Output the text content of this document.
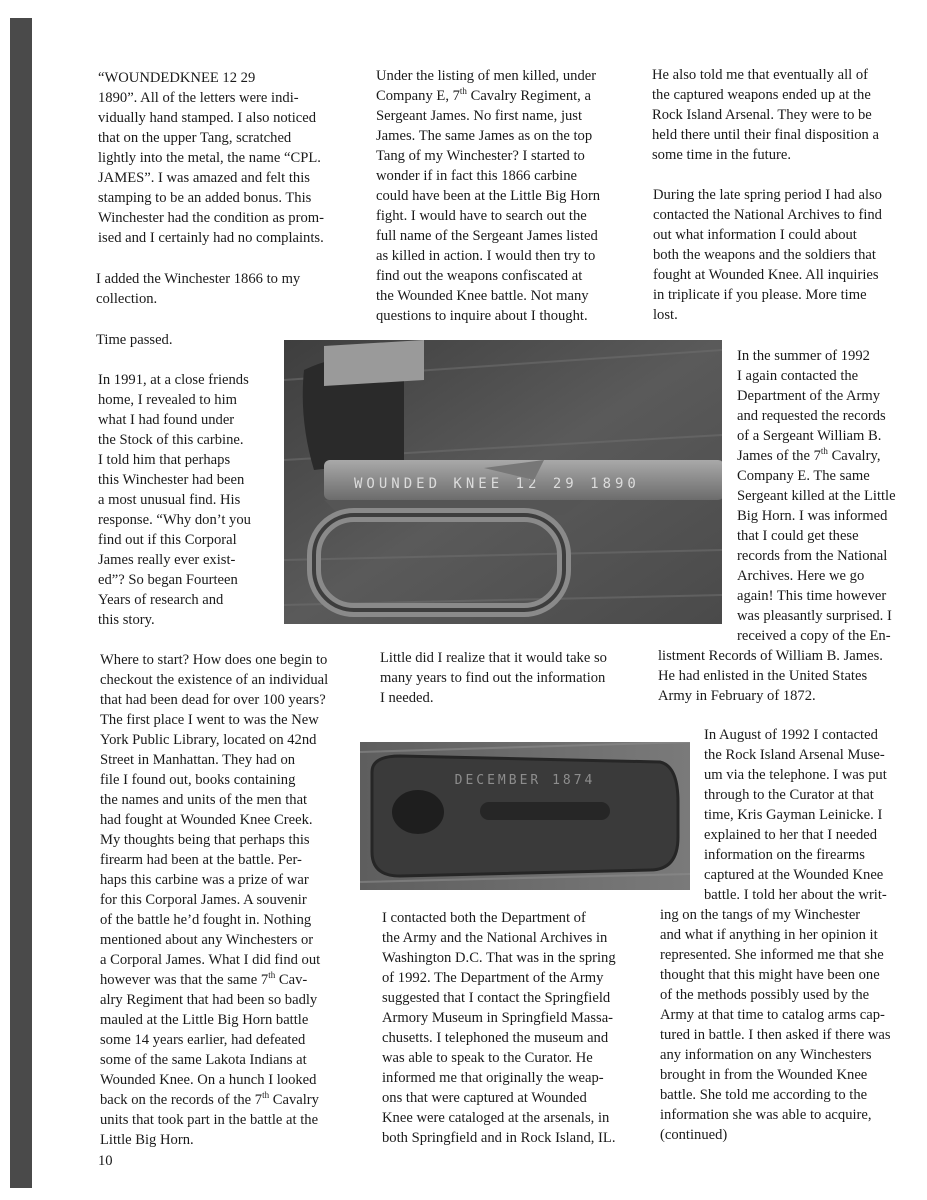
“WOUNDEDKNEE 12 29
1890”. All of the letters were indi-
vidually hand stamped. I also noticed
that on the upper Tang, scratched
lightly into the metal, the name “CPL.
JAMES”. I was amazed and felt this
stamping to be an added bonus. This
Winchester had the condition as prom-
ised and I certainly had no complaints.
I added the Winchester 1866 to my
collection.
Time passed.
In 1991, at a close friends
home, I revealed to him
what I had found under
the Stock of this carbine.
I told him that perhaps
this Winchester had been
a most unusual find. His
response. “Why don’t you
find out if this Corporal
James really ever exist-
ed”? So began Fourteen
Years of research and
this story.
Where to start? How does one begin to
checkout the existence of an individual
that had been dead for over 100 years?
The first place I went to was the New
York Public Library, located on 42nd
Street in Manhattan. They had on
file I found out, books containing
the names and units of the men that
had fought at Wounded Knee Creek.
My thoughts being that perhaps this
firearm had been at the battle. Per-
haps this carbine was a prize of war
for this Corporal James. A souvenir
of the battle he’d fought in. Nothing
mentioned about any Winchesters or
a Corporal James. What I did find out
however was that the same 7th Cav-
alry Regiment that had been so badly
mauled at the Little Big Horn battle
some 14 years earlier, had defeated
some of the same Lakota Indians at
Wounded Knee. On a hunch I looked
back on the records of the 7th Cavalry
units that took part in the battle at the
Little Big Horn.
Under the listing of men killed, under
Company E, 7th Cavalry Regiment, a
Sergeant James. No first name, just
James. The same James as on the top
Tang of my Winchester? I started to
wonder if in fact this 1866 carbine
could have been at the Little Big Horn
fight. I would have to search out the
full name of the Sergeant James listed
as killed in action. I would then try to
find out the weapons confiscated at
the Wounded Knee battle. Not many
questions to inquire about I thought.
Little did I realize that it would take so
many years to find out the information
I needed.
I contacted both the Department of
the Army and the National Archives in
Washington D.C. That was in the spring
of 1992. The Department of the Army
suggested that I contact the Springfield
Armory Museum in Springfield Massa-
chusetts. I telephoned the museum and
was able to speak to the Curator. He
informed me that originally the weap-
ons that were captured at Wounded
Knee were cataloged at the arsenals, in
both Springfield and in Rock Island, IL.
He also told me that eventually all of
the captured weapons ended up at the
Rock Island Arsenal. They were to be
held there until their final disposition a
some time in the future.
During the late spring period I had also
contacted the National Archives to find
out what information I could about
both the weapons and the soldiers that
fought at Wounded Knee. All inquiries
in triplicate if you please. More time
lost.
In the summer of 1992
I again contacted the
Department of the Army
and requested the records
of a Sergeant William B.
James of the 7th Cavalry,
Company E. The same
Sergeant killed at the Little
Big Horn. I was informed
that I could get these
records from the National
Archives. Here we go
again! This time however
was pleasantly surprised. I
received a copy of the En-
listment Records of William B. James.
He had enlisted in the United States
Army in February of 1872.
In August of 1992 I contacted
the Rock Island Arsenal Muse-
um via the telephone. I was put
through to the Curator at that
time, Kris Gayman Leinicke. I
explained to her that I needed
information on the firearms
captured at the Wounded Knee
battle. I told her about the writ-
ing on the tangs of my Winchester
and what if anything in her opinion it
represented. She informed me that she
thought that this might have been one
of the methods possibly used by the
Army at that time to catalog arms cap-
tured in battle. I then asked if there was
any information on any Winchesters
brought in from the Wounded Knee
battle. She told me according to the
information she was able to acquire,
(continued)
WOUNDED KNEE 12 29 1890
DECEMBER 1874
10
